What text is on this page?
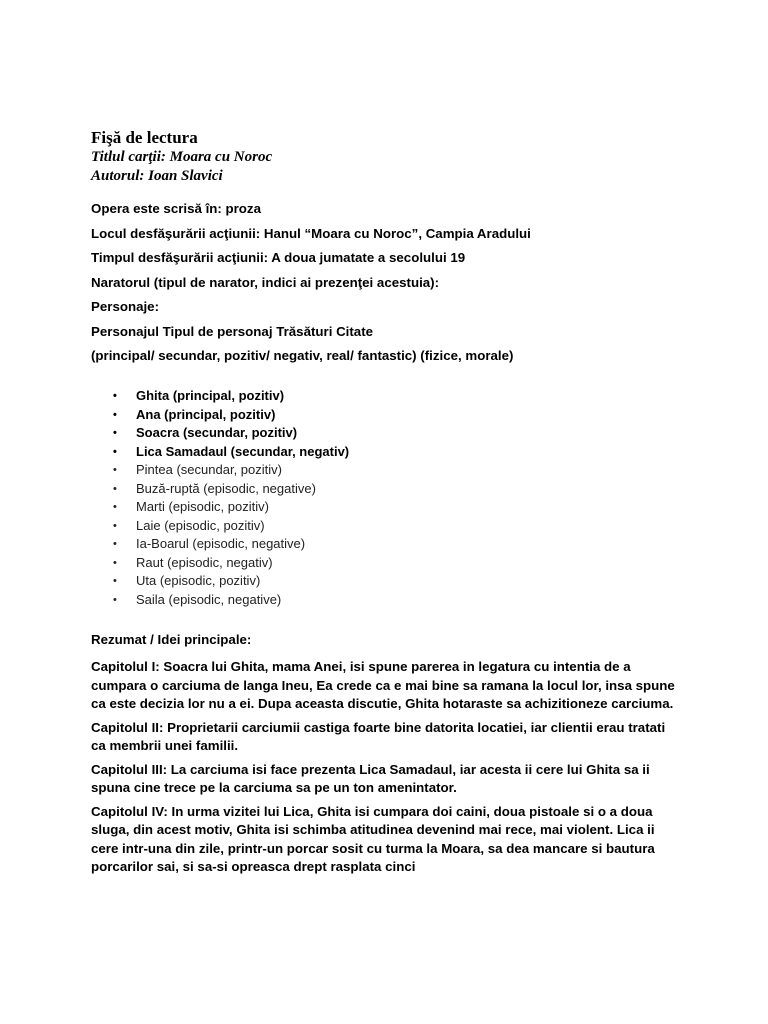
Fişă de lectura

Titlul carţii: Moara cu Noroc

Autorul: Ioan Slavici

Opera este scrisă în: proza

Locul desfăşurării acţiunii: Hanul “Moara cu Noroc”, Campia Aradului

Timpul desfăşurării acţiunii: A doua jumatate a secolului 19

Naratorul (tipul de narator, indici ai prezenţei acestuia):

Personaje:

Personajul Tipul de personaj Trăsături Citate

(principal/ secundar, pozitiv/ negativ, real/ fantastic) (fizice, morale)

• Ghita (principal, pozitiv)
• Ana (principal, pozitiv)
• Soacra (secundar, pozitiv)
• Lica Samadaul (secundar, negativ)
• Pintea (secundar, pozitiv)
• Buză-ruptă (episodic, negative)
• Marti (episodic, pozitiv)
• Laie (episodic, pozitiv)
• Ia-Boarul (episodic, negative)
• Raut (episodic, negativ)
• Uta (episodic, pozitiv)
• Saila (episodic, negative)

Rezumat / Idei principale:

Capitolul I: Soacra lui Ghita, mama Anei, isi spune parerea in legatura cu intentia de a cumpara o carciuma de langa Ineu, Ea crede ca e mai bine sa ramana la locul lor, insa spune ca este decizia lor nu a ei. Dupa aceasta discutie, Ghita hotaraste sa achizitioneze carciuma.

Capitolul II: Proprietarii carciumii castiga foarte bine datorita locatiei, iar clientii erau tratati ca membrii unei familii.

Capitolul III: La carciuma isi face prezenta Lica Samadaul, iar acesta ii cere lui Ghita sa ii spuna cine trece pe la carciuma sa pe un ton amenintator.

Capitolul IV: In urma vizitei lui Lica, Ghita isi cumpara doi caini, doua pistoale si o a doua sluga, din acest motiv, Ghita isi schimba atitudinea devenind mai rece, mai violent. Lica ii cere intr-una din zile, printr-un porcar sosit cu turma la Moara, sa dea mancare si bautura porcarilor sai, si sa-si opreasca drept rasplata cinci
